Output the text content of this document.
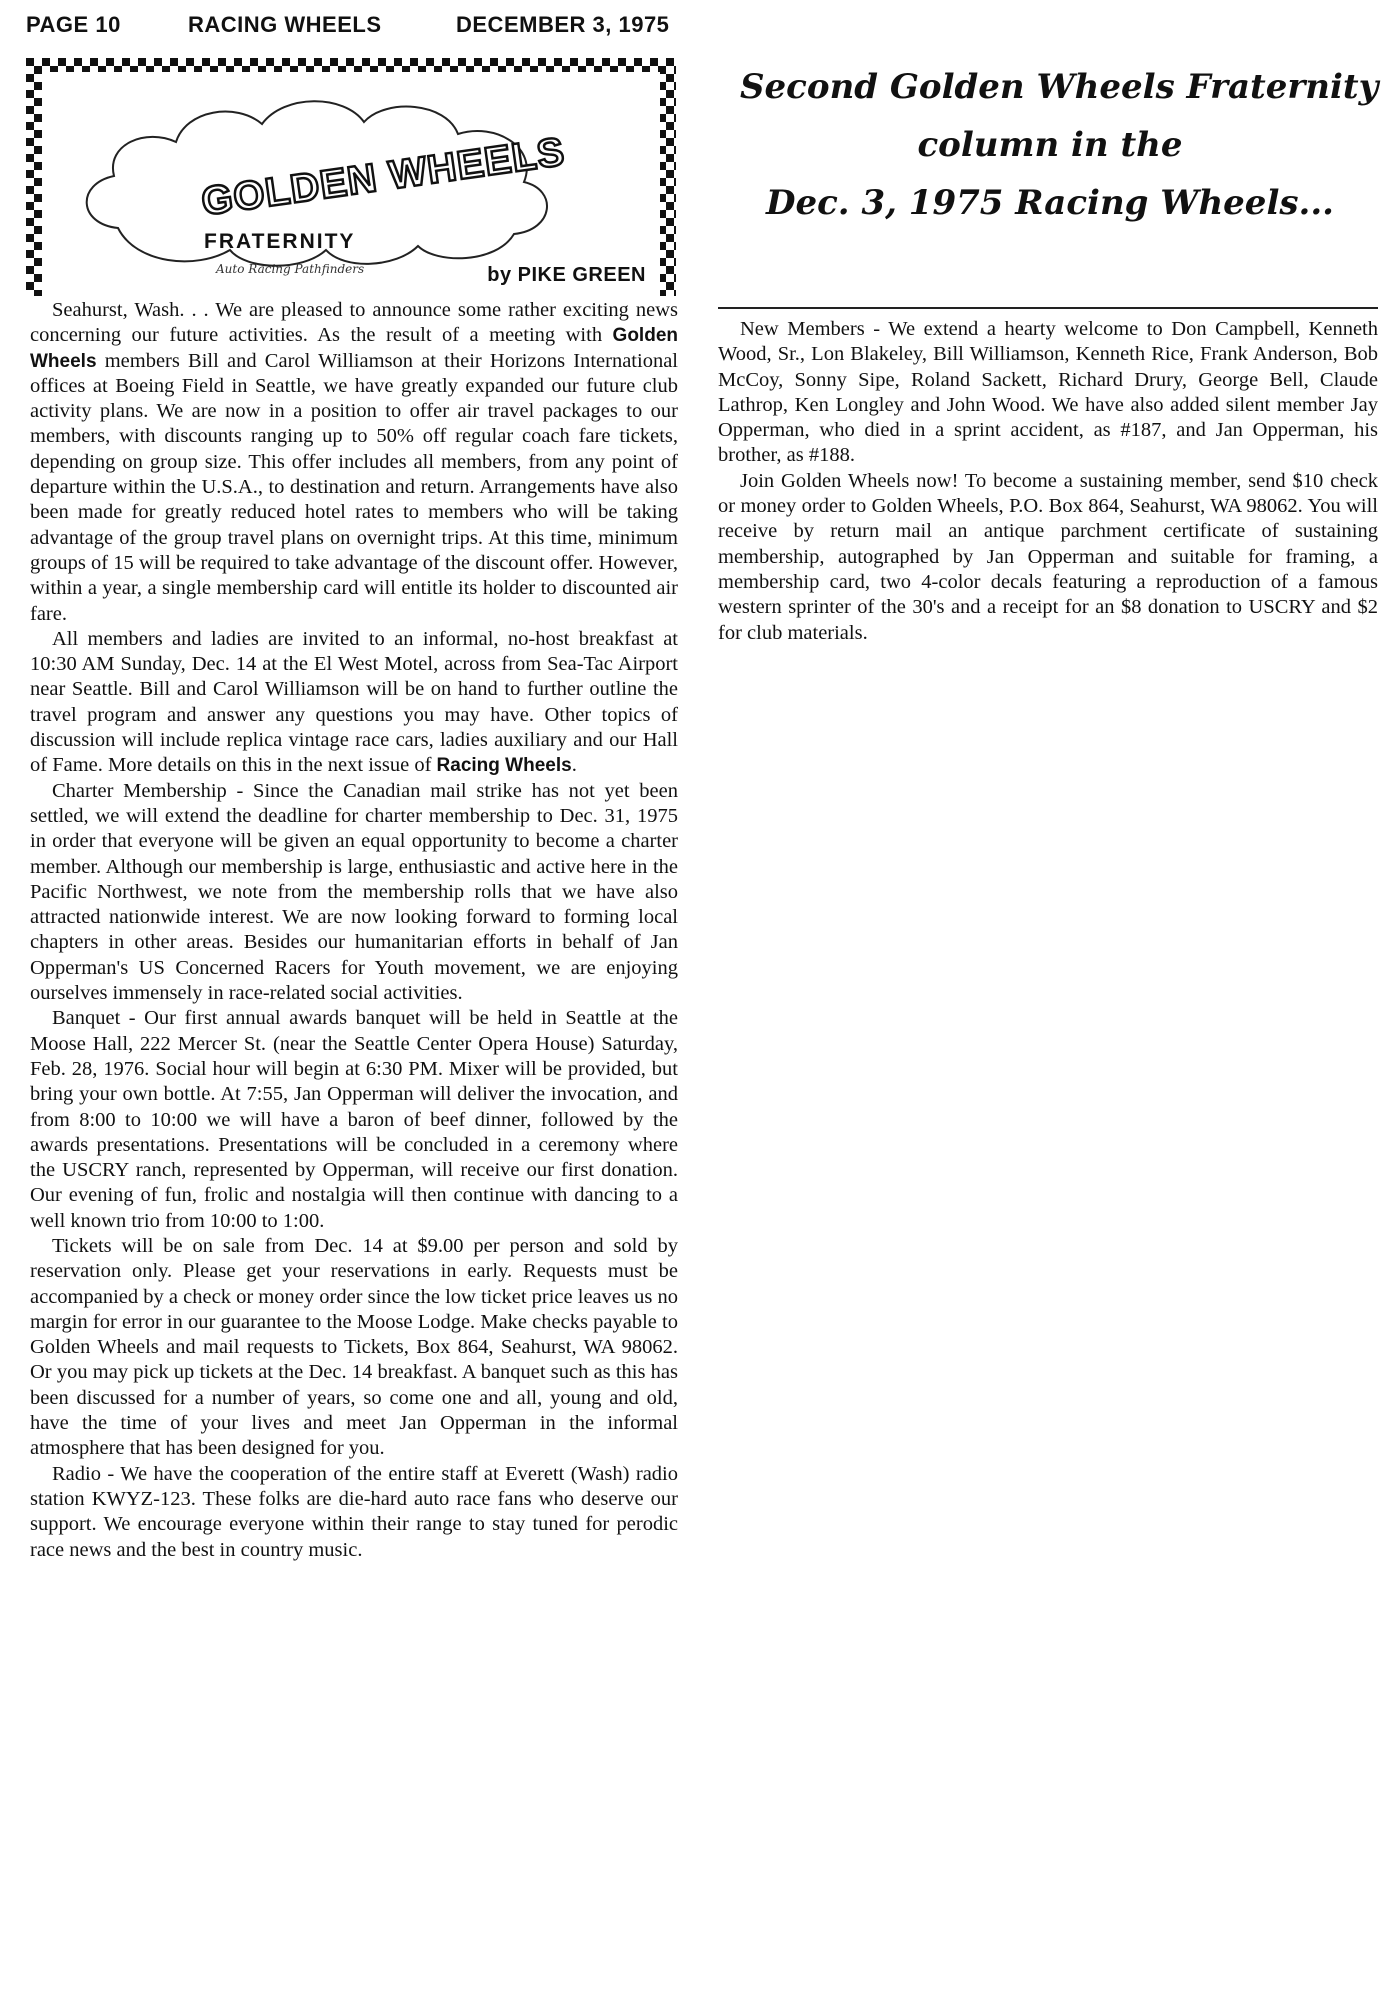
PAGE 10	RACING WHEELS	DECEMBER 3, 1975
GOLDEN WHEELS
FRATERNITY
Auto Racing Pathfinders	by PIKE GREEN
Second Golden Wheels Fraternity
column in the
Dec. 3, 1975 Racing Wheels...

Seahurst, Wash. . . We are pleased to announce some rather exciting news concerning our future activities. As the result of a meeting with Golden Wheels members Bill and Carol Williamson at their Horizons International offices at Boeing Field in Seattle, we have greatly expanded our future club activity plans. We are now in a position to offer air travel packages to our members, with discounts ranging up to 50% off regular coach fare tickets, depending on group size. This offer includes all members, from any point of departure within the U.S.A., to destination and return. Arrangements have also been made for greatly reduced hotel rates to members who will be taking advantage of the group travel plans on overnight trips. At this time, minimum groups of 15 will be required to take advantage of the discount offer. However, within a year, a single membership card will entitle its holder to discounted air fare.

All members and ladies are invited to an informal, no-host breakfast at 10:30 AM Sunday, Dec. 14 at the El West Motel, across from Sea-Tac Airport near Seattle. Bill and Carol Williamson will be on hand to further outline the travel program and answer any questions you may have. Other topics of discussion will include replica vintage race cars, ladies auxiliary and our Hall of Fame. More details on this in the next issue of Racing Wheels.

Charter Membership - Since the Canadian mail strike has not yet been settled, we will extend the deadline for charter membership to Dec. 31, 1975 in order that everyone will be given an equal opportunity to become a charter member. Although our membership is large, enthusiastic and active here in the Pacific Northwest, we note from the membership rolls that we have also attracted nationwide interest. We are now looking forward to forming local chapters in other areas. Besides our humanitarian efforts in behalf of Jan Opperman's US Concerned Racers for Youth movement, we are enjoying ourselves immensely in race-related social activities.

Banquet - Our first annual awards banquet will be held in Seattle at the Moose Hall, 222 Mercer St. (near the Seattle Center Opera House) Saturday, Feb. 28, 1976. Social hour will begin at 6:30 PM. Mixer will be provided, but bring your own bottle. At 7:55, Jan Opperman will deliver the invocation, and from 8:00 to 10:00 we will have a baron of beef dinner, followed by the awards presentations. Presentations will be concluded in a ceremony where the USCRY ranch, represented by Opperman, will receive our first donation. Our evening of fun, frolic and nostalgia will then continue with dancing to a well known trio from 10:00 to 1:00.

Tickets will be on sale from Dec. 14 at $9.00 per person and sold by reservation only. Please get your reservations in early. Requests must be accompanied by a check or money order since the low ticket price leaves us no margin for error in our guarantee to the Moose Lodge. Make checks payable to Golden Wheels and mail requests to Tickets, Box 864, Seahurst, WA 98062. Or you may pick up tickets at the Dec. 14 breakfast. A banquet such as this has been discussed for a number of years, so come one and all, young and old, have the time of your lives and meet Jan Opperman in the informal atmosphere that has been designed for you.

Radio - We have the cooperation of the entire staff at Everett (Wash) radio station KWYZ-123. These folks are die-hard auto race fans who deserve our support. We encourage everyone within their range to stay tuned for perodic race news and the best in country music.

New Members - We extend a hearty welcome to Don Campbell, Kenneth Wood, Sr., Lon Blakeley, Bill Williamson, Kenneth Rice, Frank Anderson, Bob McCoy, Sonny Sipe, Roland Sackett, Richard Drury, George Bell, Claude Lathrop, Ken Longley and John Wood. We have also added silent member Jay Opperman, who died in a sprint accident, as #187, and Jan Opperman, his brother, as #188.

Join Golden Wheels now! To become a sustaining member, send $10 check or money order to Golden Wheels, P.O. Box 864, Seahurst, WA 98062. You will receive by return mail an antique parchment certificate of sustaining membership, autographed by Jan Opperman and suitable for framing, a membership card, two 4-color decals featuring a reproduction of a famous western sprinter of the 30's and a receipt for an $8 donation to USCRY and $2 for club materials.
